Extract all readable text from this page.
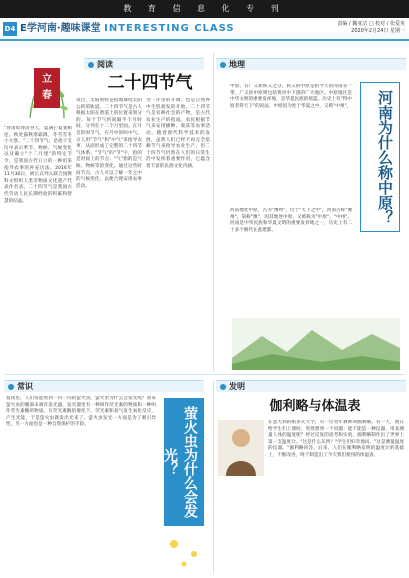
教 育 信 息 化 专 刊
D4 E学河南·趣味课堂 INTERESTING CLASS	责编 / 魏亚洁 □ 校对 / 张爱英
2020年2月24日 星期一
立
春
阅读
二十四节气
"春雨惊春清谷天，夏满芒夏暑相连。秋处露秋寒霜降，冬雪雪冬小大寒。"二十四节气，是指干支历中表示季节、物候、气候变化以及确立"十二月建"的特定节令。是我国古代订立的一种用来指导农事的补充历法。2016年11月30日，被正式列入联合国教科文组织人类非物质文化遗产代表作名录。二十四节气是我国古代劳动人民长期经验的积累和智慧的结晶。
说过，太阳黄经是指地球绕太阳公转的轨道。二十四节气是古人根据太阳在黄道上的位置来划分的。每个节气约间隔半个月时间，分列在十二个月里面。在月首的叫节气，在月中的叫中气。古人用"节气"和"中气"来指导农事，从而形成了完整的二十四节气体系。"节气"的"节"字，指的是时间上的节点；"气"指的是气候、物候等的变化。通过这些时间节点，古人可以了解一年之中的气候变化，以便合理安排农事活动。
为一年里的开端，也是自然界中生机勃发的开始。二十四节气是农耕社会的产物，是古代农业生产的指南。农民根据节气来安排播种、收获等农事活动。随着现代科学技术的发展，虽然人们已经不再完全依赖节气来指导农业生产，但二十四节气仍然在人们的日常生活中发挥着重要作用，它蕴含着丰富的民俗文化内涵。
地理
中原，有广义和狭义之分。狭义的中原是指今天的河南省一带，广义的中原则包括黄河中下游的广大地区。中原地区是中华文明的重要发祥地，是华夏民族的摇篮。历史上有"得中原者得天下"的说法，中原因为处于华夏之中，又称"中州"。	河南为什么称中原？
河南地处中原，古为"豫州"，位于"天下之中"。河南古称"豫州"，简称"豫"，因其地处中原，又被称为"中原"、"中州"。河南是中华民族和华夏文明的重要发祥地之一，历史上有二十多个朝代在此建都。
常识
夏夜里，人们常能看到一闪一闪的萤火虫。萤火虫为什么会发光呢？原来萤火虫的腹部末端有发光器，发光器里有一种叫作荧光素的物质和一种叫作荧光素酶的物质。在荧光素酶的催化下，荧光素和氧气发生氧化反应，产生光能，于是萤火虫就发出光来了。萤火虫发光一方面是为了吸引异性，另一方面也是一种自我保护的手段。	萤火虫为什么会发光？
发明
伽利略与体温表
在意大利的帕多瓦大学，有一位青年教师叫伽利略。有一天，他在给学生们上课时，突然想到一个问题：能不能造一种仪器，用来测量人体的温度呢？经过反复的思考和实验，伽利略制作出了世界上第一支温度计。"这是什么东西？"学生们好奇地问。"这是测量温度的仪器。"伽利略回答。后来，人们在伽利略发明的温度计的基础上，不断改进，终于制造出了今天我们使用的体温表。
